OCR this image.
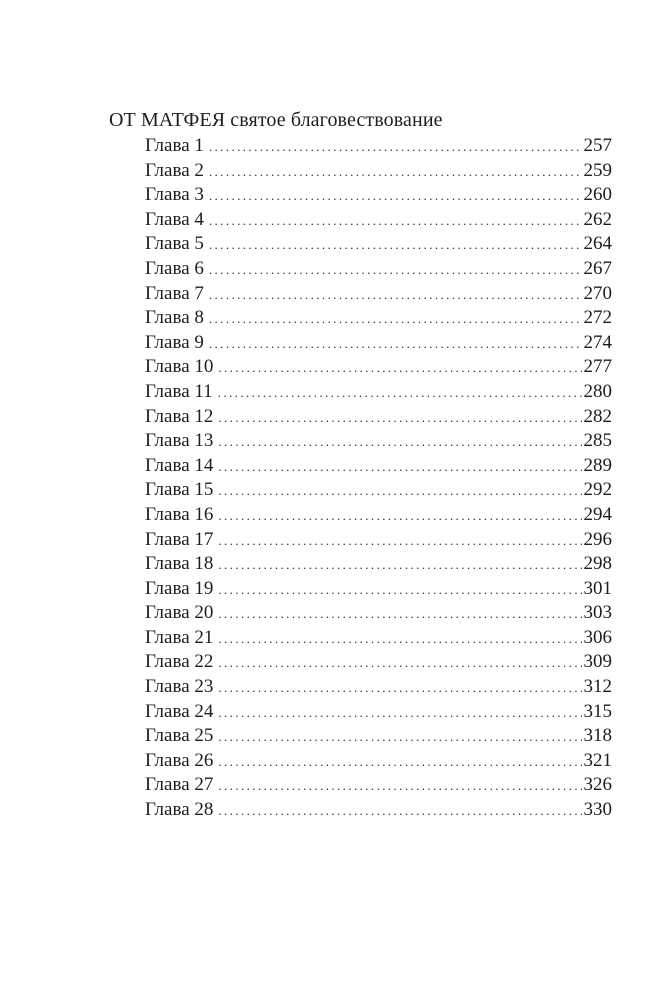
ОТ МАТФЕЯ святое благовествование
Глава 1 .....	257
Глава 2 .....	259
Глава 3 .....	260
Глава 4 .....	262
Глава 5 .....	264
Глава 6 .....	267
Глава 7 .....	270
Глава 8 .....	272
Глава 9 .....	274
Глава 10 .....	277
Глава 11 .....	280
Глава 12 .....	282
Глава 13 .....	285
Глава 14 .....	289
Глава 15 .....	292
Глава 16 .....	294
Глава 17 .....	296
Глава 18 .....	298
Глава 19 .....	301
Глава 20 .....	303
Глава 21 .....	306
Глава 22 .....	309
Глава 23 .....	312
Глава 24 .....	315
Глава 25 .....	318
Глава 26 .....	321
Глава 27 .....	326
Глава 28 .....	330
